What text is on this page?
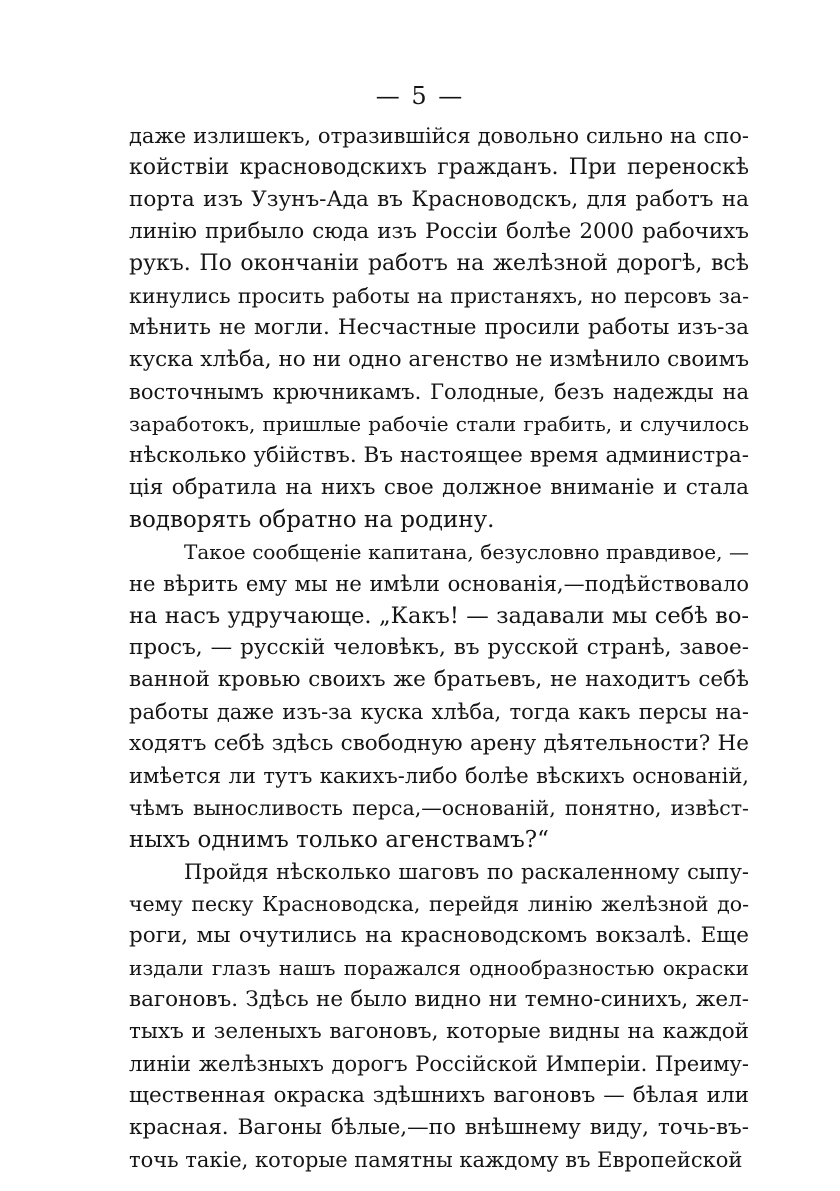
— 5 —
даже излишекъ, отразившійся довольно сильно на спо-
койствіи красноводскихъ гражданъ. При переноскѣ
порта изъ Узунъ-Ада въ Красноводскъ, для работъ на
линію прибыло сюда изъ Россіи болѣе 2000 рабочихъ
рукъ. По окончаніи работъ на желѣзной дорогѣ, всѣ
кинулись просить работы на пристаняхъ, но персовъ за-
мѣнить не могли. Несчастные просили работы изъ-за
куска хлѣба, но ни одно агенство не измѣнило своимъ
восточнымъ крючникамъ. Голодные, безъ надежды на
заработокъ, пришлые рабочіе стали грабить, и случилось
нѣсколько убійствъ. Въ настоящее время администра-
ція обратила на нихъ свое должное вниманіе и стала
водворять обратно на родину.
Такое сообщеніе капитана, безусловно правдивое, —
не вѣрить ему мы не имѣли основанія,—подѣйствовало
на насъ удручающе. „Какъ! — задавали мы себѣ во-
просъ, — русскій человѣкъ, въ русской странѣ, завое-
ванной кровью своихъ же братьевъ, не находитъ себѣ
работы даже изъ-за куска хлѣба, тогда какъ персы на-
ходятъ себѣ здѣсь свободную арену дѣятельности? Не
имѣется ли тутъ какихъ-либо болѣе вѣскихъ основаній,
чѣмъ выносливость перса,—основаній, понятно, извѣст-
ныхъ однимъ только агенствамъ?“
Пройдя нѣсколько шаговъ по раскаленному сыпу-
чему песку Красноводска, перейдя линію желѣзной до-
роги, мы очутились на красноводскомъ вокзалѣ. Еще
издали глазъ нашъ поражался однообразностью окраски
вагоновъ. Здѣсь не было видно ни темно-синихъ, жел-
тыхъ и зеленыхъ вагоновъ, которые видны на каждой
линіи желѣзныхъ дорогъ Россійской Имперіи. Преиму-
щественная окраска здѣшнихъ вагоновъ — бѣлая или
красная. Вагоны бѣлые,—по внѣшнему виду, точь-въ-
точь такіе, которые памятны каждому въ Европейской
